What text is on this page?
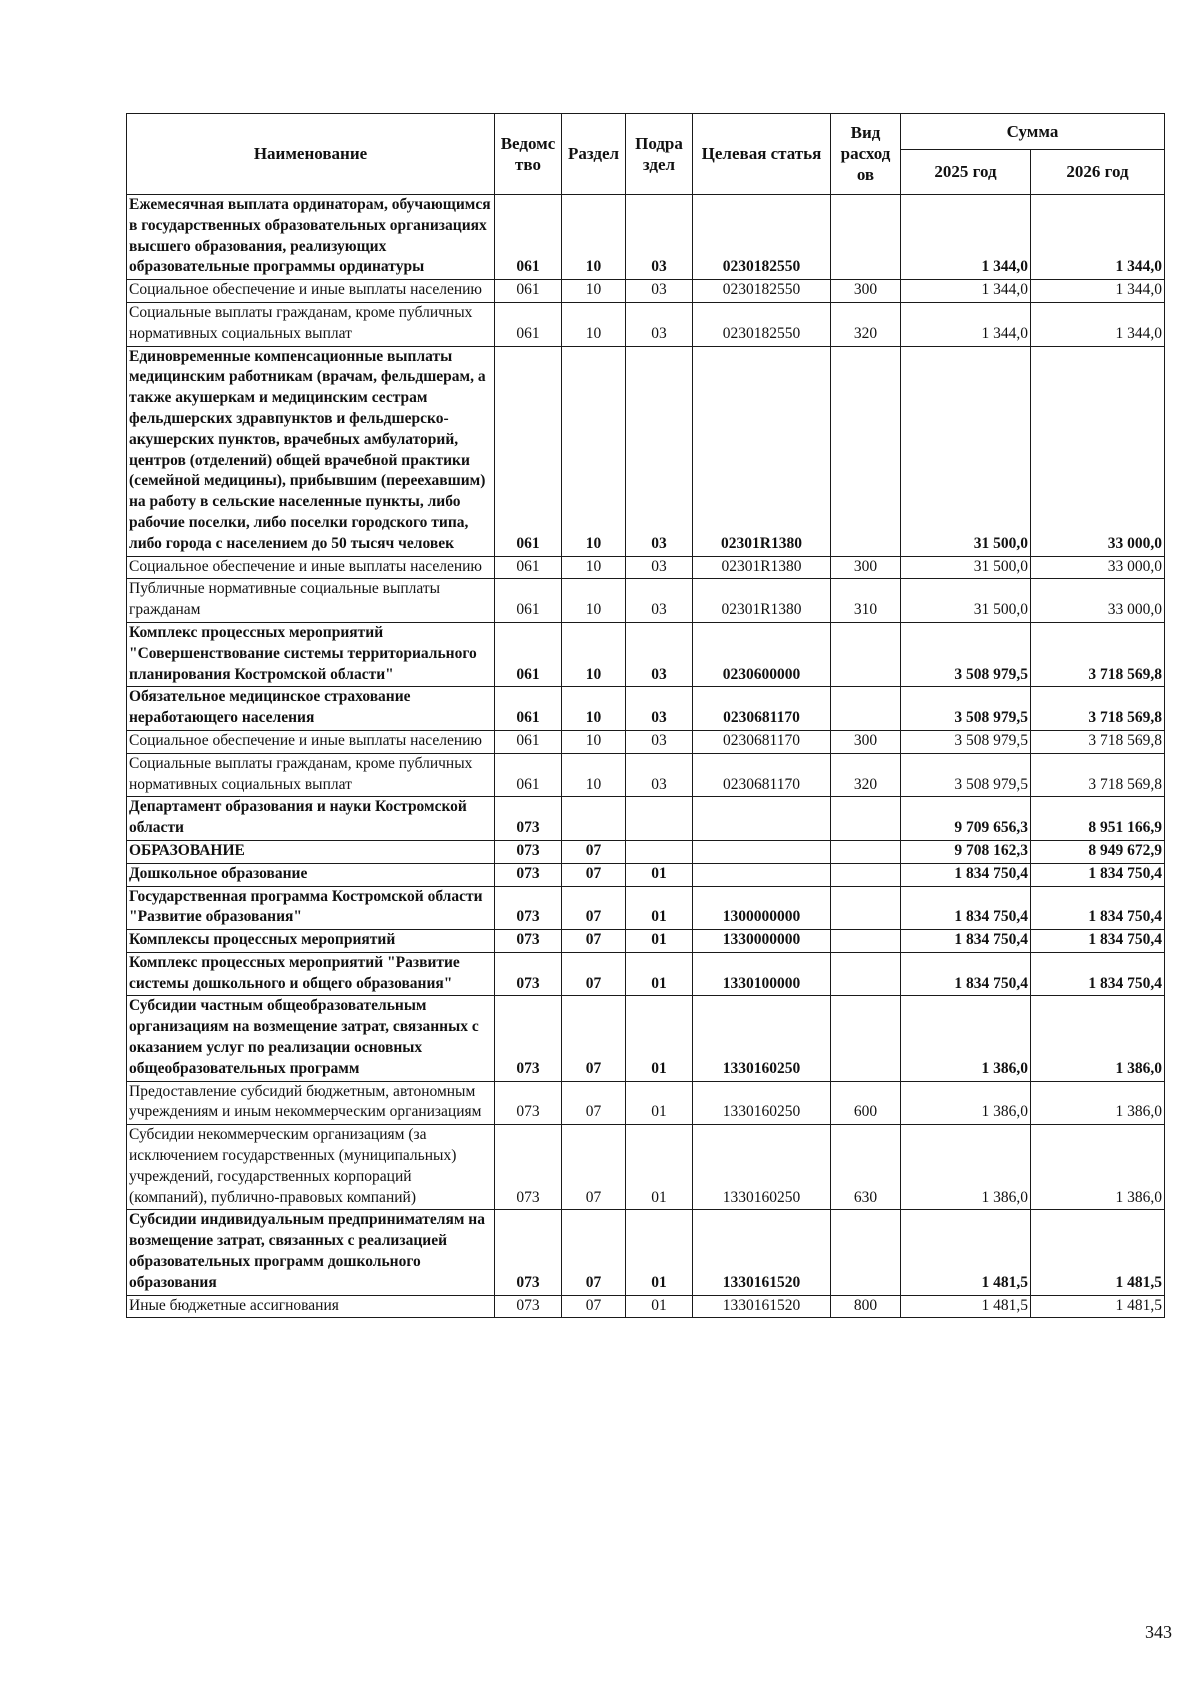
Наименование	Ведомс тво	Раздел	Подра здел	Целевая статья	Вид расход ов	Сумма	
						2025 год	2026 год
Ежемесячная выплата ординаторам, обучающимся в государственных образовательных организациях высшего образования, реализующих образовательные программы ординатуры	061	10	03	0230182550		1 344,0	1 344,0
Социальное обеспечение и иные выплаты населению	061	10	03	0230182550	300	1 344,0	1 344,0
Социальные выплаты гражданам, кроме публичных нормативных социальных выплат	061	10	03	0230182550	320	1 344,0	1 344,0
Единовременные компенсационные выплаты медицинским работникам (врачам, фельдшерам, а также акушеркам и медицинским сестрам фельдшерских здравпунктов и фельдшерско-акушерских пунктов, врачебных амбулаторий, центров (отделений) общей врачебной практики (семейной медицины), прибывшим (переехавшим) на работу в сельские населенные пункты, либо рабочие поселки, либо поселки городского типа, либо города с населением до 50 тысяч человек	061	10	03	02301R1380		31 500,0	33 000,0
Социальное обеспечение и иные выплаты населению	061	10	03	02301R1380	300	31 500,0	33 000,0
Публичные нормативные социальные выплаты гражданам	061	10	03	02301R1380	310	31 500,0	33 000,0
Комплекс процессных мероприятий "Совершенствование системы территориального планирования Костромской области"	061	10	03	0230600000		3 508 979,5	3 718 569,8
Обязательное медицинское страхование неработающего населения	061	10	03	0230681170		3 508 979,5	3 718 569,8
Социальное обеспечение и иные выплаты населению	061	10	03	0230681170	300	3 508 979,5	3 718 569,8
Социальные выплаты гражданам, кроме публичных нормативных социальных выплат	061	10	03	0230681170	320	3 508 979,5	3 718 569,8
Департамент образования и науки Костромской области	073					9 709 656,3	8 951 166,9
ОБРАЗОВАНИЕ	073	07				9 708 162,3	8 949 672,9
Дошкольное образование	073	07	01			1 834 750,4	1 834 750,4
Государственная программа Костромской области "Развитие образования"	073	07	01	1300000000		1 834 750,4	1 834 750,4
Комплексы процессных мероприятий	073	07	01	1330000000		1 834 750,4	1 834 750,4
Комплекс процессных мероприятий "Развитие системы дошкольного и общего образования"	073	07	01	1330100000		1 834 750,4	1 834 750,4
Субсидии частным общеобразовательным организациям на возмещение затрат, связанных с оказанием услуг по реализации основных общеобразовательных программ	073	07	01	1330160250		1 386,0	1 386,0
Предоставление субсидий бюджетным, автономным учреждениям и иным некоммерческим организациям	073	07	01	1330160250	600	1 386,0	1 386,0
Субсидии некоммерческим организациям (за исключением государственных (муниципальных) учреждений, государственных корпораций (компаний), публично-правовых компаний)	073	07	01	1330160250	630	1 386,0	1 386,0
Субсидии индивидуальным предпринимателям на возмещение затрат, связанных с реализацией образовательных программ дошкольного образования	073	07	01	1330161520		1 481,5	1 481,5
Иные бюджетные ассигнования	073	07	01	1330161520	800	1 481,5	1 481,5
343
